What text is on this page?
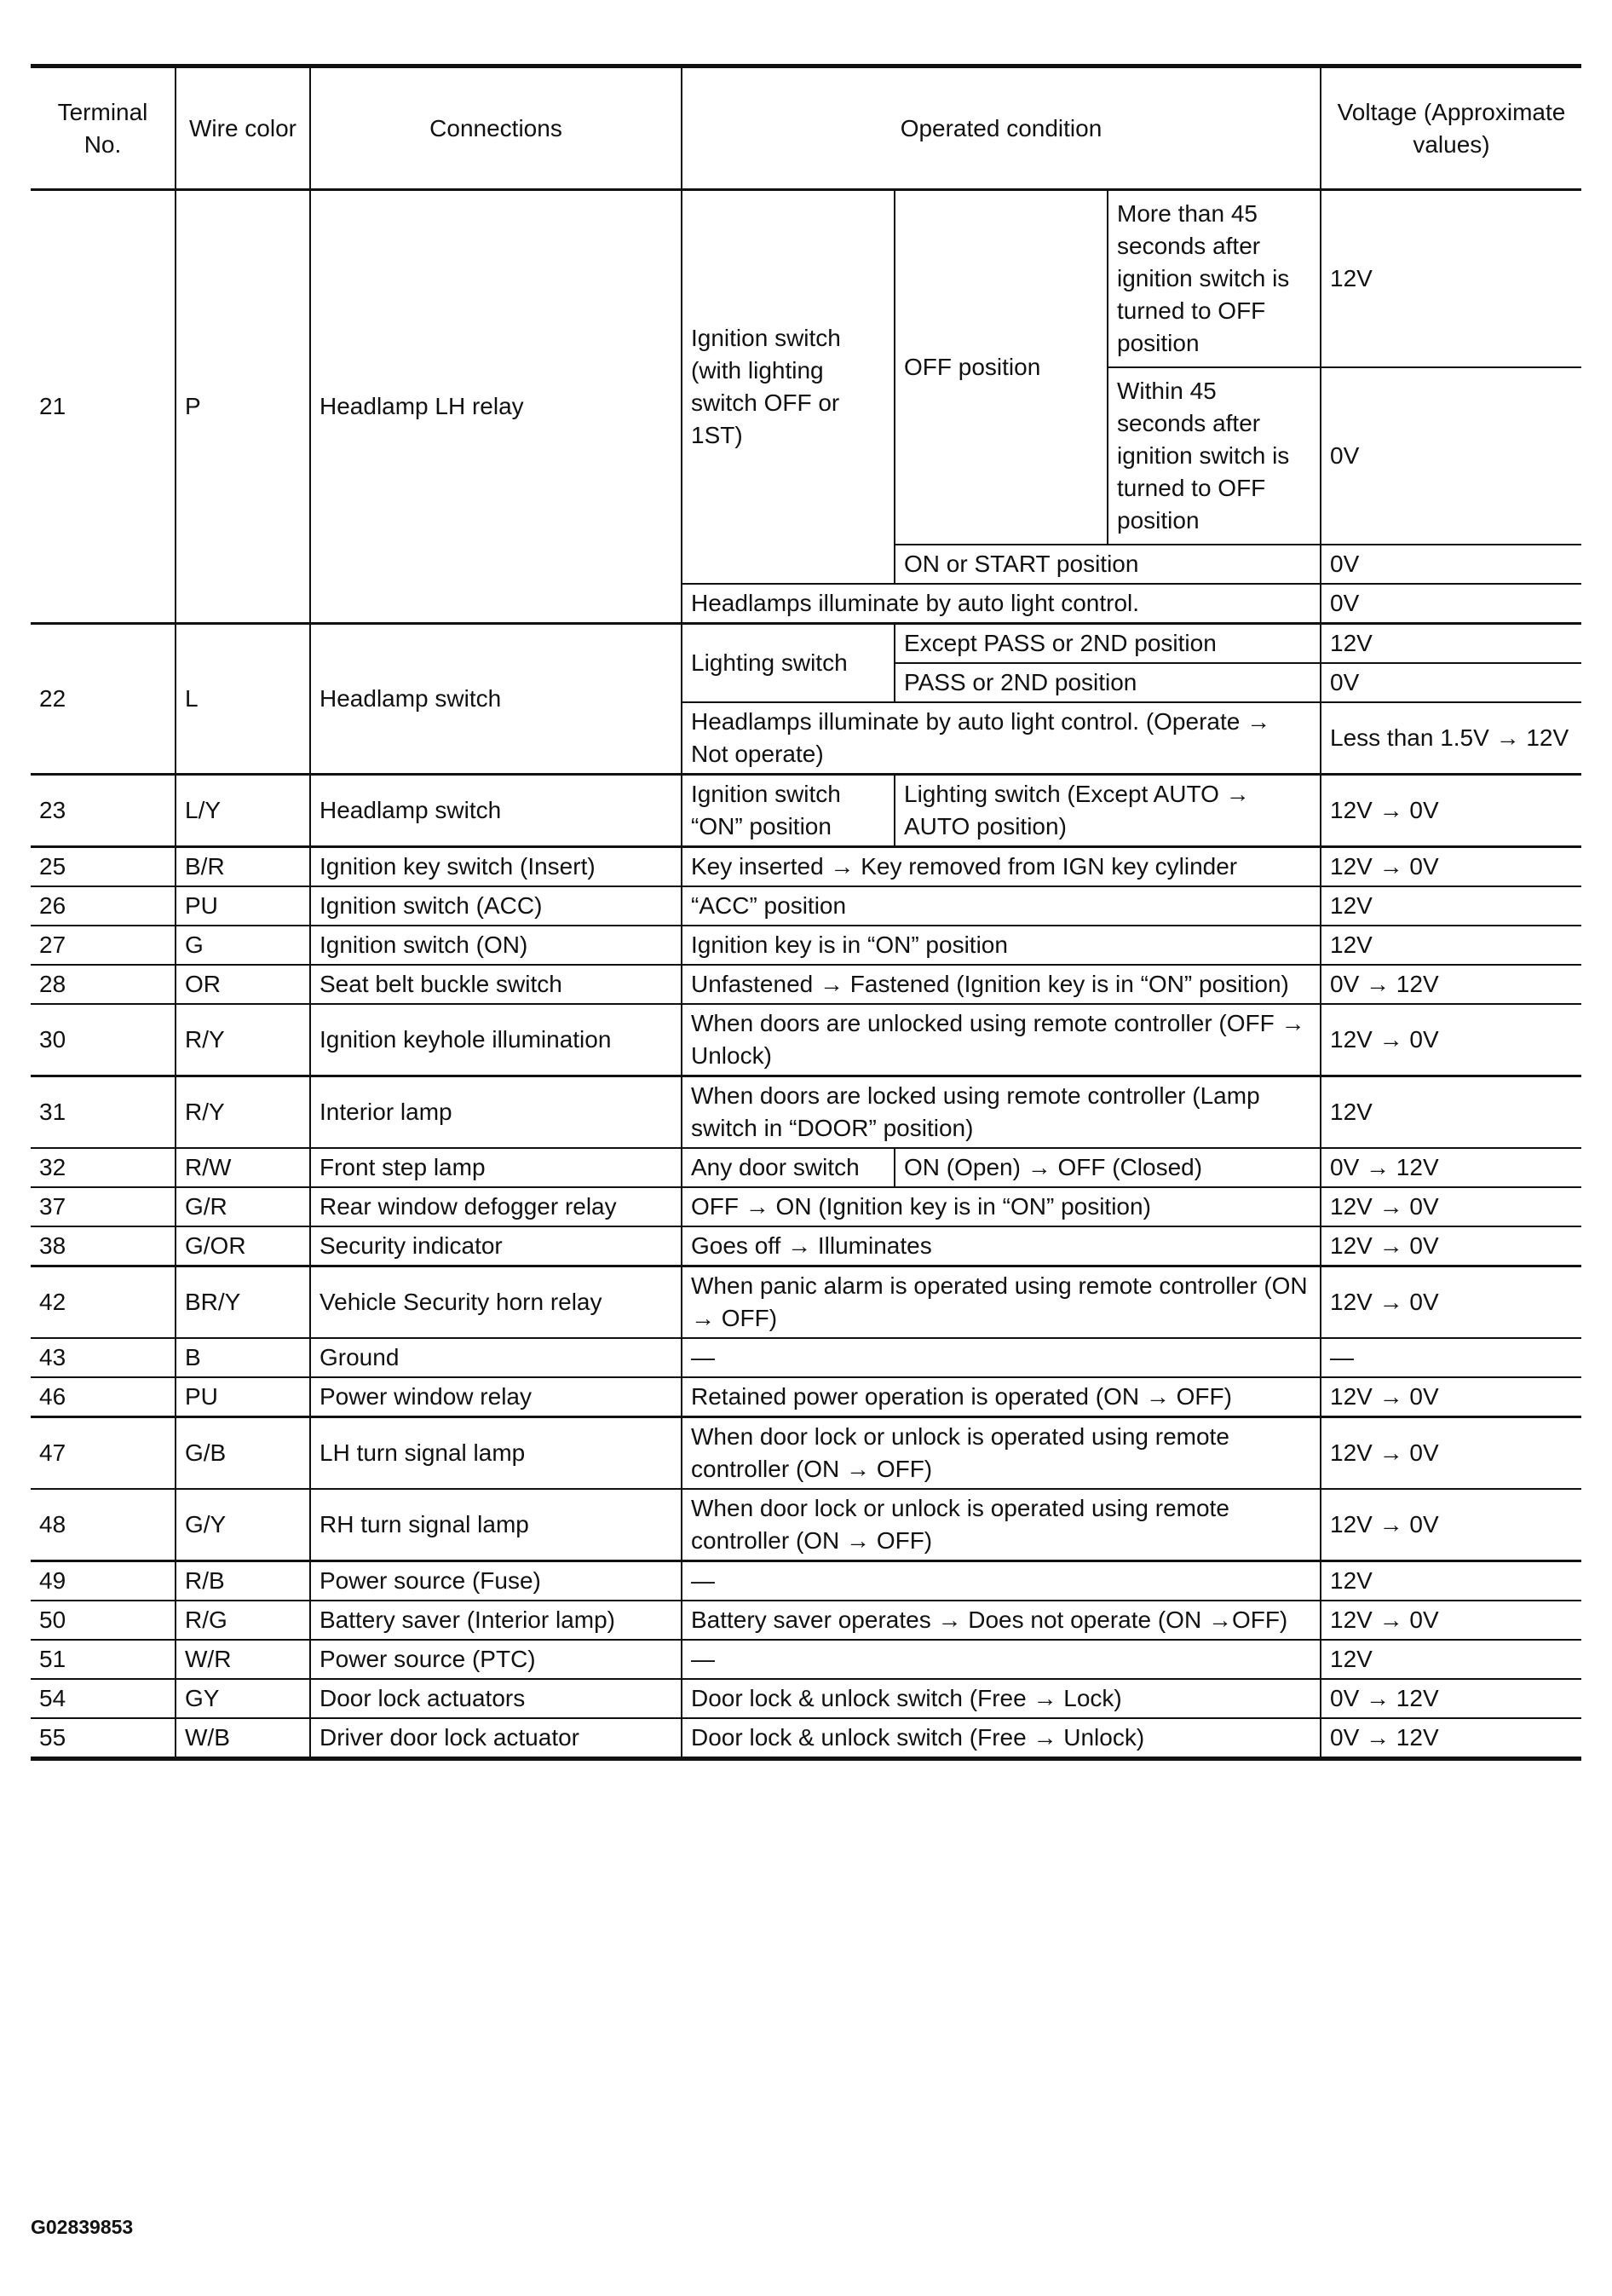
Terminal No.	Wire color	Connections	Operated condition			Voltage (Approximate values)
21	P	Headlamp LH relay	Ignition switch (with lighting switch OFF or 1ST)	OFF position	More than 45 seconds after ignition switch is turned to OFF position	12V
					Within 45 seconds after ignition switch is turned to OFF position	0V
				ON or START position		0V
			Headlamps illuminate by auto light control.			0V
22	L	Headlamp switch	Lighting switch	Except PASS or 2ND position		12V
				PASS or 2ND position		0V
			Headlamps illuminate by auto light control. (Operate → Not operate)			Less than 1.5V → 12V
23	L/Y	Headlamp switch	Ignition switch “ON” position	Lighting switch (Except AUTO → AUTO position)		12V → 0V
25	B/R	Ignition key switch (Insert)	Key inserted → Key removed from IGN key cylinder			12V → 0V
26	PU	Ignition switch (ACC)	“ACC” position			12V
27	G	Ignition switch (ON)	Ignition key is in “ON” position			12V
28	OR	Seat belt buckle switch	Unfastened → Fastened (Ignition key is in “ON” position)			0V → 12V
30	R/Y	Ignition keyhole illumination	When doors are unlocked using remote controller (OFF → Unlock)			12V → 0V
31	R/Y	Interior lamp	When doors are locked using remote controller (Lamp switch in “DOOR” position)			12V
32	R/W	Front step lamp	Any door switch	ON (Open) → OFF (Closed)		0V → 12V
37	G/R	Rear window defogger relay	OFF → ON (Ignition key is in “ON” position)			12V → 0V
38	G/OR	Security indicator	Goes off → Illuminates			12V → 0V
42	BR/Y	Vehicle Security horn relay	When panic alarm is operated using remote controller (ON → OFF)			12V → 0V
43	B	Ground	—			—
46	PU	Power window relay	Retained power operation is operated (ON → OFF)			12V → 0V
47	G/B	LH turn signal lamp	When door lock or unlock is operated using remote controller (ON → OFF)			12V → 0V
48	G/Y	RH turn signal lamp	When door lock or unlock is operated using remote controller (ON → OFF)			12V → 0V
49	R/B	Power source (Fuse)	—			12V
50	R/G	Battery saver (Interior lamp)	Battery saver operates → Does not operate (ON →OFF)			12V → 0V
51	W/R	Power source (PTC)	—			12V
54	GY	Door lock actuators	Door lock & unlock switch (Free → Lock)			0V → 12V
55	W/B	Driver door lock actuator	Door lock & unlock switch (Free → Unlock)			0V → 12V
G02839853
